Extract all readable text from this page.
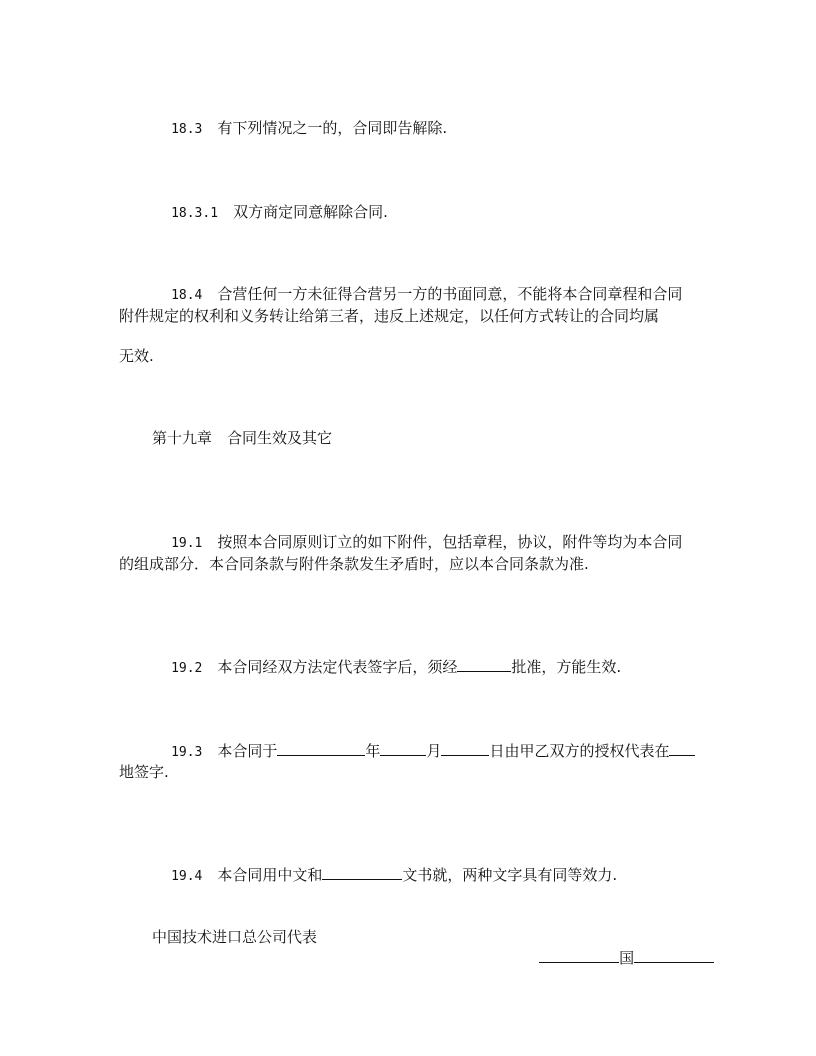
18.3　 有下列情况之一的，合同即告解除.

18.3.1　 双方商定同意解除合同.

18.4　 合营任何一方未征得合营另一方的书面同意，不能将本合同章程和合同

附件规定的权利和义务转让给第三者，违反上述规定，以任何方式转让的合同均属
无效.
第十九章　合同生效及其它

19.1　 按照本合同原则订立的如下附件，包括章程，协议，附件等均为本合同

的组成部分．本合同条款与附件条款发生矛盾时，应以本合同条款为准.

19.2　 本合同经双方法定代表签字后，须经	批准，方能生效.

19.3　 本合同于	年	月	日由甲乙双方的授权代表在

地签字.

19.4　 本合同用中文和	文书就，两种文字具有同等效力.

中国技术进口总公司代表

国
